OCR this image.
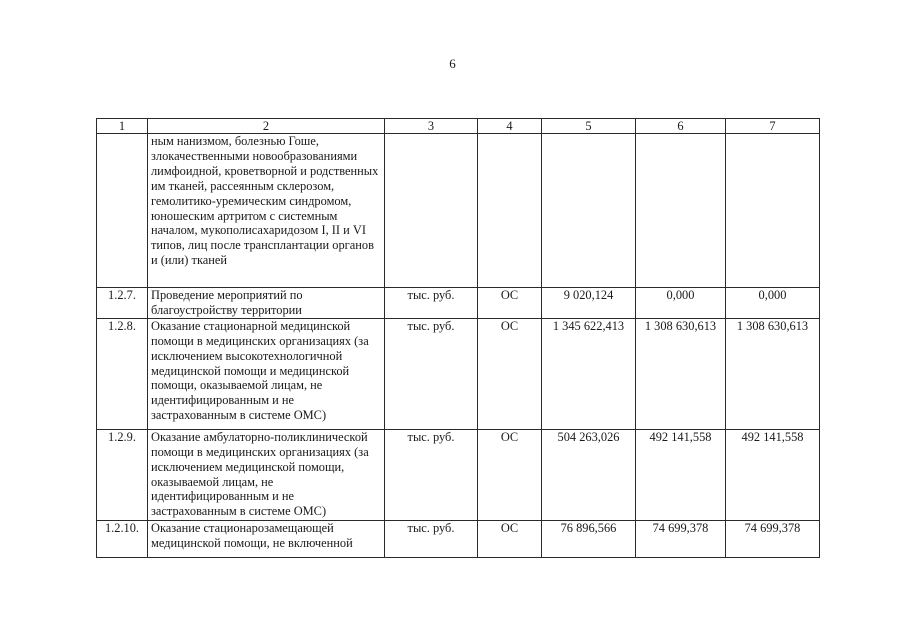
6
1	2	3	4	5	6	7
	ным нанизмом, болезнью Гоше, злокачественными новообразованиями лимфоидной, кроветворной и родственных им тканей, рассеянным склерозом, гемолитико-уремическим синдромом, юношеским артритом с системным началом, мукополисахаридозом I, II и VI типов, лиц после трансплантации органов и (или) тканей					
1.2.7.	Проведение мероприятий по благоустройству территории	тыс. руб.	ОС	9 020,124	0,000	0,000
1.2.8.	Оказание стационарной медицинской помощи в медицинских организациях (за исключением высокотехнологичной медицинской помощи и медицинской помощи, оказываемой лицам, не идентифицированным и не застрахованным в системе ОМС)	тыс. руб.	ОС	1 345 622,413	1 308 630,613	1 308 630,613
1.2.9.	Оказание амбулаторно-поликлинической помощи в медицинских организациях (за исключением медицинской помощи, оказываемой лицам, не идентифицированным и не застрахованным в системе ОМС)	тыс. руб.	ОС	504 263,026	492 141,558	492 141,558
1.2.10.	Оказание стационарозамещающей медицинской помощи, не включенной	тыс. руб.	ОС	76 896,566	74 699,378	74 699,378
